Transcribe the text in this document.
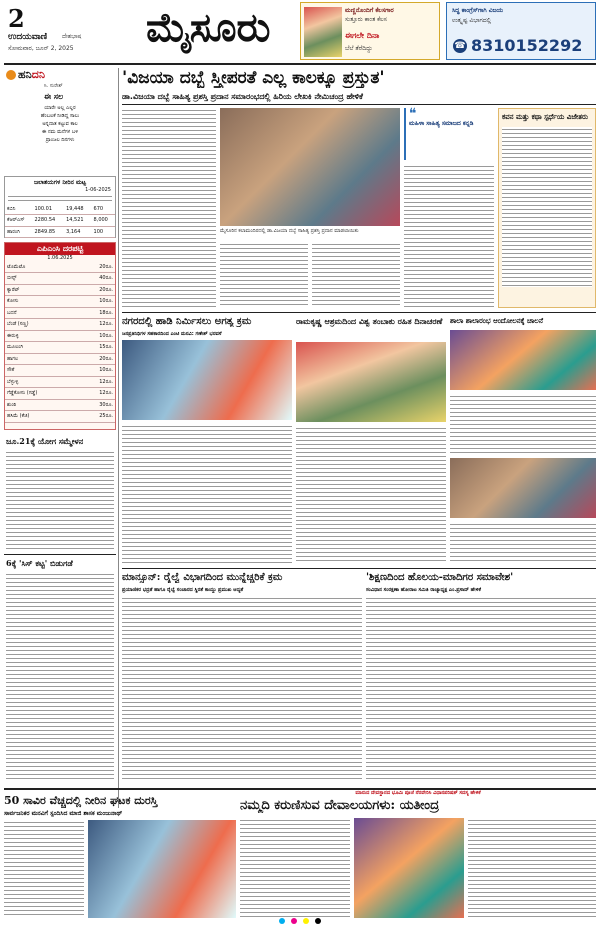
2
ಉದಯವಾಣಿ ದೇಶಭಾಷ
ಸೋಮವಾರ, ಜೂನ್ 2, 2025 ಮೈಸೂರು	ಮಣ್ಣಿನೊಂದಿಗೆ ಕೆಲಸಗಾರ
ಸುತ್ತೂರು ಕಾಂತ ಕೆಲಸ
ಈಗಲೇ ದಿನಾ
ಬೆಲೆ ತೆರೆದಿದ್ದು
ಸಿದ್ಧ ಕಾಂಗ್ರೆಸ್‌ಗಾಗಿ ವಿಜಯ
ಉತ್ಕೃಷ್ಟ ವಿಭಾಗದಲ್ಲಿ
☎ 8310152292
ಹನಿದನಿ
ಸಿ. ಸುರೇಶ್
ಈ ಸಲ
ಯಾರೇ ಅಲ್ಲ ಎಲ್ಲರ
ಹೆಂಬಲಕೆ ನೀಡಿದ್ದ ಸಾಲು
ಅನ್ನದಾತ ಕಟ್ಟುವ ಕಾಲ
ಈ ನಮ ಮನೆಗಳ ಬಳಿ
ಪ್ರಾಂಜಲ ದಿನಗಳು
ಜಲಾಶಯಗಳ ನೀರಿನ ಮಟ್ಟ
1-06-2025
ಕಬಿನಿ	100.01	19,448	670
ಕೆಆರ್‌ಎಸ್	2280.54	14,521	8,000
ಹಾರಂಗಿ	2849.85	3,164	100
ಎಪಿಎಂಸಿ ದರಪಟ್ಟಿ
1.06.2025
ಟೊಮೆಟೊ	20ರೂ.
ಬೀನ್ಸ್	40ರೂ.
ಕ್ಯಾರೆಟ್	20ರೂ.
ಕೋಸು	10ರೂ.
ಬದನೆ	18ರೂ.
ಬೆಂಡೆ (ಸಣ್ಣ)	12ರೂ.
ಈರುಳ್ಳಿ	10ರೂ.
ಮೂಲಂಗಿ	15ರೂ.
ಹಾಗಲ	20ರೂ.
ಸೌತೆ	10ರೂ.
ಬೆಳ್ಳುಳ್ಳಿ	12ರೂ.
ಗೆಡ್ಡೆಕೋಸು (ಗಡ್ಡೆ)	12ರೂ.
ಶುಂಠಿ	30ರೂ.
ಹಸಿಮೆ (ಕೆಜಿ)	25ರೂ.
ಜೂ.21ಕ್ಕೆ ಯೋಗ ಸಮ್ಮೇಳನ
6ಕ್ಕೆ 'ಸಿಸ್ ಕಟ್ಟ' ಬಿಡುಗಡೆ
'ವಿಜಯಾ ದಬ್ಬೆ ಸ್ತ್ರೀಪರತೆ ಎಲ್ಲ ಕಾಲಕ್ಕೂ ಪ್ರಸ್ತುತ'
ಡಾ.ವಿಜಯಾ ದಬ್ಬೆ ಸಾಹಿತ್ಯ ಪ್ರಶಸ್ತಿ ಪ್ರದಾನ ಸಮಾರಂಭದಲ್ಲಿ ಹಿರಿಯ ಲೇಖಕಿ ನೇಮಿಚಂದ್ರ ಹೇಳಿಕೆ
ಮೈಸೂರಿನ ಕಲಾಮಂದಿರದಲ್ಲಿ ಡಾ.ವಿಜಯಾ ದಬ್ಬೆ ಸಾಹಿತ್ಯ ಪ್ರಶಸ್ತಿ ಪ್ರದಾನ ಮಾಡಲಾಯಿತು
❝
ಮಹಿಳಾ ಸಾಹಿತ್ಯ ಸಮಾಜದ ಕನ್ನಡಿ
ಕವನ ಮತ್ತು ಕಥಾ ಸ್ಪರ್ಧೆಯ ವಿಜೇತರು
ನಗರದಲ್ಲಿ ಹಾಡಿ ನಿರ್ಮಿಸಲು ಅಗತ್ಯ ಕ್ರಮ
ಜನಪ್ರತಿನಿಧಿಗಳ ಸಹಕಾರದಿಂದ ಎಂಟಿ ಮನವಿ: ಗಣೇಶ್ ಭರವಸೆ
ರಾಮಕೃಷ್ಣ ಆಶ್ರಮದಿಂದ ವಿಶ್ವ ತಂಬಾಕು ರಹಿತ ದಿನಾಚರಣೆ	ಶಾಲಾ ಶಾಲಾರಂಭ ಆಂದೋಲನಕ್ಕೆ ಚಾಲನೆ
ಮಾನ್ಸೂನ್: ರೈಲ್ವೆ ವಿಭಾಗದಿಂದ ಮುನ್ನೆಚ್ಚರಿಕೆ ಕ್ರಮ
ಪ್ರಯಾಣಿಕರ ಭದ್ರತೆ ಹಾಗೂ ರೈಲ್ವೆ ಸಂಚಾರದ ಸ್ಥಿರತೆ ಕಾಯ್ದು ಪ್ರಮುಖ ಆದ್ಯತೆ
'ಶಿಕ್ಷಣದಿಂದ ಹೊಲಯ-ಮಾದಿಗರ ಸಮಾವೇಶ'
ಸಂವಿಧಾನ ಸಂರಕ್ಷಣಾ ಹೋರಾಟ ಸಮಿತಿ ರಾಜ್ಯಾಧ್ಯಕ್ಷ ಎಂ.ಪ್ರಸಾದ್ ಹೇಳಿಕೆ
50 ಸಾವಿರ ವೆಚ್ಚದಲ್ಲಿ ನೀರಿನ ಘಟಕ ದುರಸ್ತಿ
ಸಾರ್ವಜನಿಕರ ಮನವಿಗೆ ಸ್ಪಂದಿಸಿದ ಮಾಜಿ ಶಾಸಕ ಮಂಜುನಾಥ್
ಮಾರುದ ದೇವಸ್ಥಾನದ ಭೂಮಿ ಪೂಜೆ ನೆರವೇರಿಸಿ ವಿಧಾನಪರಿಷತ್ ಸದಸ್ಯ ಹೇಳಿಕೆ
ನಮ್ಮದಿ ಕರುಣಿಸುವ ದೇವಾಲಯಗಳು: ಯತೀಂದ್ರ
